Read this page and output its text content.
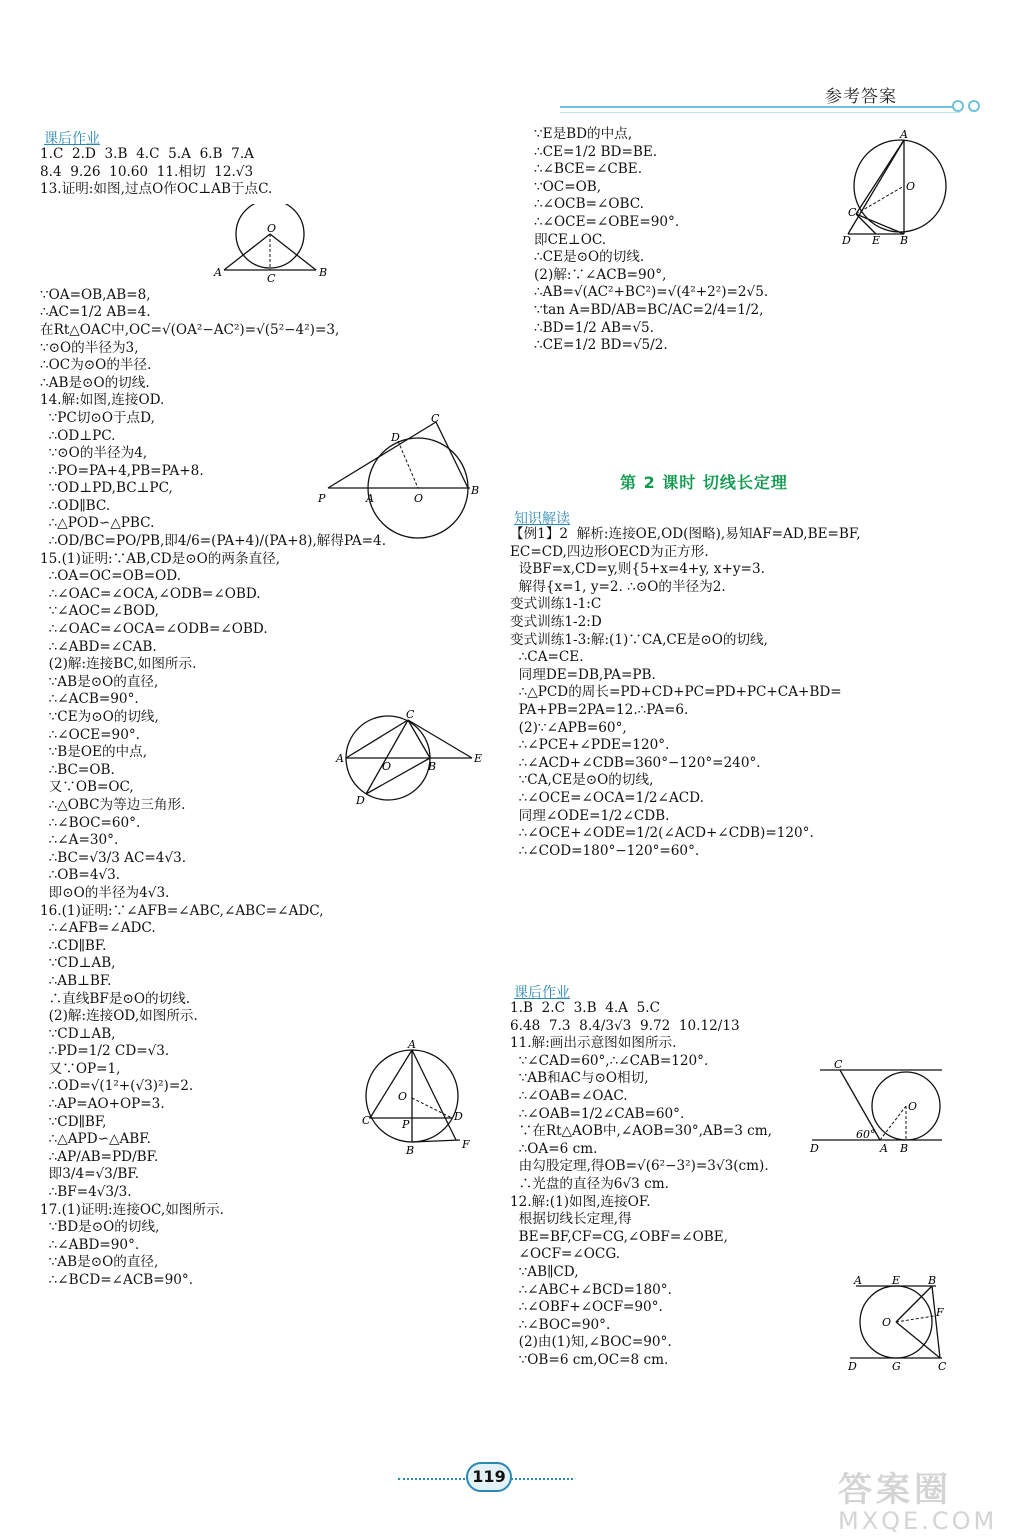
参考答案
课后作业
1.C  2.D  3.B  4.C  5.A  6.B  7.A
8.4  9.26  10.60  11.相切  12.√3
13.证明:如图,过点O作OC⊥AB于点C.
∵OA=OB,AB=8,
∴AC=1/2 AB=4.
在Rt△OAC中,OC=√(OA²−AC²)=√(5²−4²)=3,
∵⊙O的半径为3,
∴OC为⊙O的半径.
∴AB是⊙O的切线.
14.解:如图,连接OD.
∵PC切⊙O于点D,
∴OD⊥PC.
∵⊙O的半径为4,
∴PO=PA+4,PB=PA+8.
∵OD⊥PD,BC⊥PC,
∴OD∥BC.
∴△POD∽△PBC.
∴OD/BC=PO/PB,即4/6=(PA+4)/(PA+8),解得PA=4.
15.(1)证明:∵AB,CD是⊙O的两条直径,
∴OA=OC=OB=OD.
∴∠OAC=∠OCA,∠ODB=∠OBD.
∵∠AOC=∠BOD,
∴∠OAC=∠OCA=∠ODB=∠OBD.
∴∠ABD=∠CAB.
(2)解:连接BC,如图所示.
∵AB是⊙O的直径,
∴∠ACB=90°.
∵CE为⊙O的切线,
∴∠OCE=90°.
∵B是OE的中点,
∴BC=OB.
又∵OB=OC,
∴△OBC为等边三角形.
∴∠BOC=60°.
∴∠A=30°.
∴BC=√3/3 AC=4√3.
∴OB=4√3.
即⊙O的半径为4√3.
16.(1)证明:∵∠AFB=∠ABC,∠ABC=∠ADC,
∴∠AFB=∠ADC.
∴CD∥BF.
∵CD⊥AB,
∴AB⊥BF.
∴直线BF是⊙O的切线.
(2)解:连接OD,如图所示.
∵CD⊥AB,
∴PD=1/2 CD=√3.
又∵OP=1,
∴OD=√(1²+(√3)²)=2.
∴AP=AO+OP=3.
∵CD∥BF,
∴△APD∽△ABF.
∴AP/AB=PD/BF.
即3/4=√3/BF.
∴BF=4√3/3.
17.(1)证明:连接OC,如图所示.
∵BD是⊙O的切线,
∴∠ABD=90°.
∵AB是⊙O的直径,
∴∠BCD=∠ACB=90°.
O
A	B
C
C
D
P	A	O
B
C
A
O	B
E
D
A
O
C	P
D
F
B
∵E是BD的中点,
∴CE=1/2 BD=BE.
∴∠BCE=∠CBE.
∵OC=OB,
∴∠OCB=∠OBC.
∴∠OCE=∠OBE=90°.
即CE⊥OC.
∴CE是⊙O的切线.
(2)解:∵∠ACB=90°,
∴AB=√(AC²+BC²)=√(4²+2²)=2√5.
∵tan A=BD/AB=BC/AC=2/4=1/2,
∴BD=1/2 AB=√5.
∴CE=1/2 BD=√5/2.
A
O
C
D E B
第 2 课时 切线长定理
知识解读
【例1】2  解析:连接OE,OD(图略),易知AF=AD,BE=BF,
EC=CD,四边形OECD为正方形.
设BF=x,CD=y,则{5+x=4+y, x+y=3.
解得{x=1, y=2. ∴⊙O的半径为2.
变式训练1-1:C
变式训练1-2:D
变式训练1-3:解:(1)∵CA,CE是⊙O的切线,
∴CA=CE.
同理DE=DB,PA=PB.
∴△PCD的周长=PD+CD+PC=PD+PC+CA+BD=
PA+PB=2PA=12.∴PA=6.
(2)∵∠APB=60°,
∴∠PCE+∠PDE=120°.
∴∠ACD+∠CDB=360°−120°=240°.
∵CA,CE是⊙O的切线,
∴∠OCE=∠OCA=1/2∠ACD.
同理∠ODE=1/2∠CDB.
∴∠OCE+∠ODE=1/2(∠ACD+∠CDB)=120°.
∴∠COD=180°−120°=60°.
课后作业
1.B  2.C  3.B  4.A  5.C
6.48  7.3  8.4/3√3  9.72  10.12/13
11.解:画出示意图如图所示.
∵∠CAD=60°,∴∠CAB=120°.
∵AB和AC与⊙O相切,
∴∠OAB=∠OAC.
∴∠OAB=1/2∠CAB=60°.
∵在Rt△AOB中,∠AOB=30°,AB=3 cm,
∴OA=6 cm.
由勾股定理,得OB=√(6²−3²)=3√3(cm).
∴光盘的直径为6√3 cm.
12.解:(1)如图,连接OF.
根据切线长定理,得
BE=BF,CF=CG,∠OBF=∠OBE,
∠OCF=∠OCG.
∵AB∥CD,
∴∠ABC+∠BCD=180°.
∴∠OBF+∠OCF=90°.
∴∠BOC=90°.
(2)由(1)知,∠BOC=90°.
∵OB=6 cm,OC=8 cm.
C
O
60°
D	A B
A	E	B
O
F
D	G	C
119	答案圈
MXQE.COM
